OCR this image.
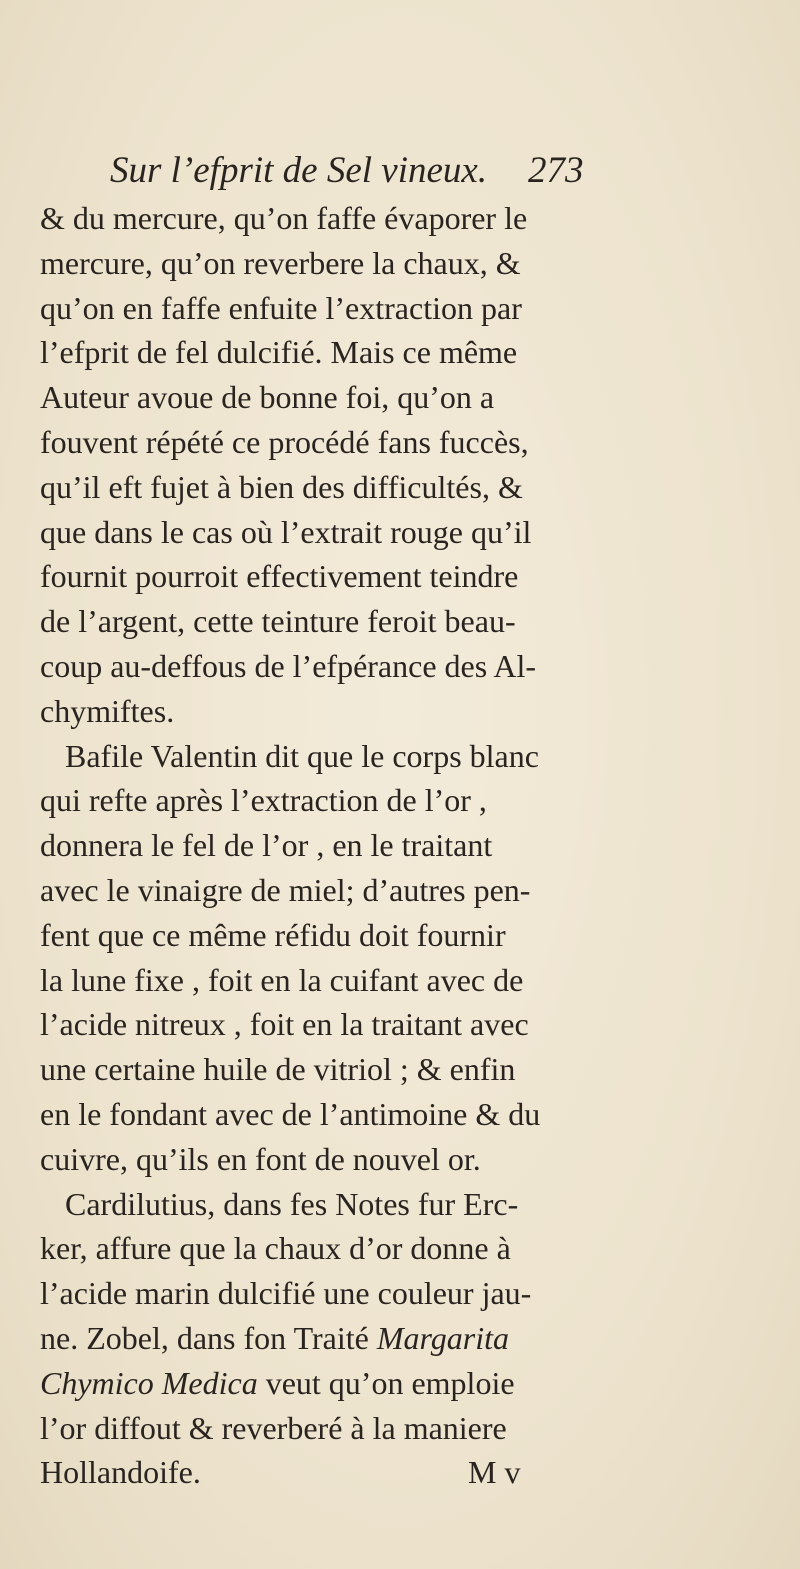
Sur l’efprit de Sel vineux.	273
& du mercure, qu’on faffe évaporer le
mercure, qu’on reverbere la chaux, &
qu’on en faffe enfuite l’extraction par
l’efprit de fel dulcifié. Mais ce même
Auteur avoue de bonne foi, qu’on a
fouvent répété ce procédé fans fuccès,
qu’il eft fujet à bien des difficultés, &
que dans le cas où l’extrait rouge qu’il
fournit pourroit effectivement teindre
de l’argent, cette teinture feroit beau-
coup au-deffous de l’efpérance des Al-
chymiftes.
Bafile Valentin dit que le corps blanc
qui refte après l’extraction de l’or ,
donnera le fel de l’or , en le traitant
avec le vinaigre de miel; d’autres pen-
fent que ce même réfidu doit fournir
la lune fixe , foit en la cuifant avec de
l’acide nitreux , foit en la traitant avec
une certaine huile de vitriol ; & enfin
en le fondant avec de l’antimoine & du
cuivre, qu’ils en font de nouvel or.
Cardilutius, dans fes Notes fur Erc-
ker, affure que la chaux d’or donne à
l’acide marin dulcifié une couleur jau-
ne. Zobel, dans fon Traité Margarita
Chymico Medica veut qu’on emploie
l’or diffout & reverberé à la maniere
Hollandoife.	M v
